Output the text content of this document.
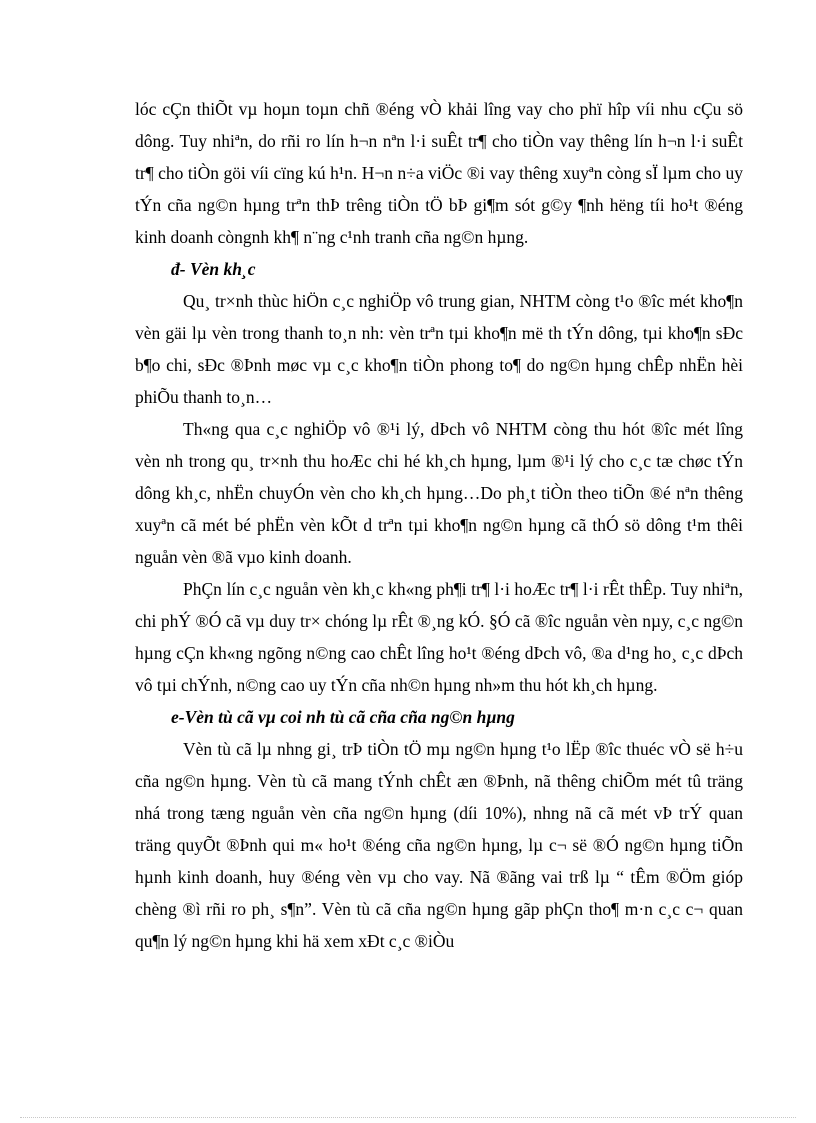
lóc cÇn thiÕt vµ hoµn toµn chñ ®éng vÒ khải lîng vay cho phï hîp víi nhu cÇu sö dông. Tuy nhiªn, do rñi ro lín h¬n nªn l·i suÊt tr¶ cho tiÒn vay thêng lín h¬n l·i suÊt tr¶ cho tiÒn göi víi cïng kú h¹n. H¬n n÷a viÖc ®i vay thêng xuyªn còng sÏ lµm cho uy tÝn cña ng©n hµng trªn thÞ trêng tiÒn tÖ bÞ gi¶m sót g©y ¶nh hëng tíi ho¹t ®éng kinh doanh còngnh kh¶ n¨ng c¹nh tranh cña ng©n hµng.

đ- Vèn kh¸c

Qu¸ tr×nh thùc hiÖn c¸c nghiÖp vô trung gian, NHTM còng t¹o ®îc mét kho¶n vèn gäi lµ vèn trong thanh to¸n nh: vèn trªn tµi kho¶n më th tÝn dông, tµi kho¶n sÐc b¶o chi, sÐc ®Þnh møc vµ c¸c kho¶n tiÒn phong to¶ do ng©n hµng chÊp nhËn hèi phiÕu thanh to¸n…

Th«ng qua c¸c nghiÖp vô ®¹i lý, dÞch vô NHTM còng thu hót ®îc mét lîng vèn nh trong qu¸ tr×nh thu hoÆc chi hé kh¸ch hµng, lµm ®¹i lý cho c¸c tæ chøc tÝn dông kh¸c, nhËn chuyÓn vèn cho kh¸ch hµng…Do ph¸t tiÒn theo tiÕn ®é nªn thêng xuyªn cã mét bé phËn vèn kÕt d trªn tµi kho¶n ng©n hµng cã thÓ sö dông t¹m thêi nguån vèn ®ã vµo kinh doanh.

PhÇn lín c¸c nguån vèn kh¸c kh«ng ph¶i tr¶ l·i hoÆc tr¶ l·i rÊt thÊp. Tuy nhiªn, chi phÝ ®Ó cã vµ duy tr× chóng lµ rÊt ®¸ng kÓ. §Ó cã ®îc nguån vèn nµy, c¸c ng©n hµng cÇn kh«ng ngõng n©ng cao chÊt lîng ho¹t ®éng dÞch vô, ®a d¹ng ho¸ c¸c dÞch vô tµi chÝnh, n©ng cao uy tÝn cña nh©n hµng nh»m thu hót kh¸ch hµng.

e-Vèn tù cã vµ coi nh tù cã cña cña ng©n hµng

Vèn tù cã lµ nhng gi¸ trÞ tiÒn tÖ mµ ng©n hµng t¹o lËp ®îc thuéc vÒ së h÷u cña ng©n hµng. Vèn tù cã mang tÝnh chÊt æn ®Þnh, nã thêng chiÕm mét tû träng nhá trong tæng nguån vèn cña ng©n hµng (díi 10%), nhng nã cã mét vÞ trÝ quan träng quyÕt ®Þnh qui m« ho¹t ®éng cña ng©n hµng, lµ c¬ së ®Ó ng©n hµng tiÕn hµnh kinh doanh, huy ®éng vèn vµ cho vay. Nã ®ãng vai trß lµ “ tÊm ®Öm gióp chèng ®ì rñi ro ph¸ s¶n”. Vèn tù cã cña ng©n hµng gãp phÇn tho¶ m·n c¸c c¬ quan qu¶n lý ng©n hµng khi hä xem xÐt c¸c ®iÒu
